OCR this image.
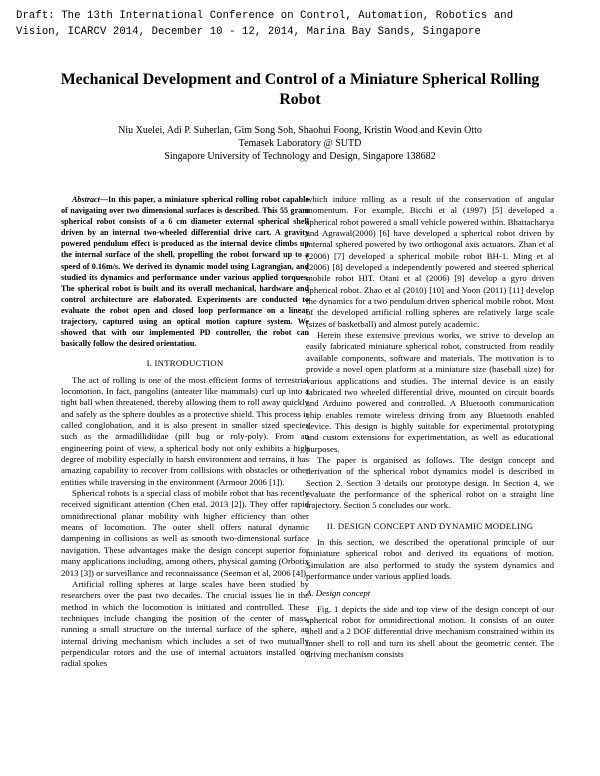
Draft: The 13th International Conference on Control, Automation, Robotics and
Vision, ICARCV 2014, December 10 - 12, 2014, Marina Bay Sands, Singapore
Mechanical Development and Control of a Miniature Spherical Rolling Robot
Niu Xuelei, Adi P. Suherlan, Gim Song Soh, Shaohui Foong, Kristin Wood and Kevin Otto
Temasek Laboratory @ SUTD
Singapore University of Technology and Design, Singapore 138682

Abstract—In this paper, a miniature spherical rolling robot capable of navigating over two dimensional surfaces is described. This 55 gram spherical robot consists of a 6 cm diameter external spherical shell driven by an internal two-wheeled differential drive cart. A gravity powered pendulum effect is produced as the internal device climbs up the internal surface of the shell, propelling the robot forward up to a speed of 0.16m/s. We derived its dynamic model using Lagrangian, and studied its dynamics and performance under various applied torques. The spherical robot is built and its overall mechanical, hardware and control architecture are elaborated. Experiments are conducted to evaluate the robot open and closed loop performance on a linear trajectory, captured using an optical motion capture system. We showed that with our implemented PD controller, the robot can basically follow the desired orientation.

I. INTRODUCTION

The act of rolling is one of the most efficient forms of terrestrial locomotion. In fact, pangolins (anteater like mammals) curl up into a tight ball when threatened, thereby allowing them to roll away quickly and safely as the sphere doubles as a protective shield. This process is called conglobation, and it is also present in smaller sized species such as the armadillidiidae (pill bug or roly-poly). From an engineering point of view, a spherical body not only exhibits a high degree of mobility especially in harsh environment and terrains, it has amazing capability to recover from collisions with obstacles or other entities while traversing in the environment (Armour 2006 [1]).

Spherical robots is a special class of mobile robot that has recently received significant attention (Chen etal. 2013 [2]). They offer rapid omnidirectional planar mobility with higher efficiency than other means of locomotion. The outer shell offers natural dynamic dampening in collisions as well as smooth two-dimensional surface navigation. These advantages make the design concept superior for many applications including, among others, physical gaming (Orbotix 2013 [3]) or surveillance and reconnaissance (Seeman et al, 2006 [4]).

Artificial rolling spheres at large scales have been studied by researchers over the past two decades. The crucial issues lie in the method in which the locomotion is initiated and controlled. These techniques include changing the position of the center of mass, running a small structure on the internal surface of the sphere, an internal driving mechanism which includes a set of two mutually perpendicular rotors and the use of internal actuators installed on radial spokes

which induce rolling as a result of the conservation of angular momentum. For example, Bicchi et al (1997) [5] developed a spherical robot powered a small vehicle powered within. Bhattacharya and Agrawal(2000) [6] have developed a spherical robot driven by internal sphered powered by two orthogonal axis actuators. Zhan et al (2006) [7] developed a spherical mobile robot BH-1. Ming et al (2006) [8] developed a independently powered and steered spherical mobile robot HIT. Otani et al (2006) [9] develop a gyro driven spherical robot. Zhao et al (2010) [10] and Yoon (2011) [11] develop the dynamics for a two pendulum driven spherical mobile robot. Most of the developed artificial rolling spheres are relatively large scale (sizes of basketball) and almost purely academic.

Herein these extensive previous works, we strive to develop an easily fabricated miniature spherical robot, constructed from readily available components, software and materials. The motivation is to provide a novel open platform at a miniature size (baseball size) for various applications and studies. The internal device is an easily fabricated two wheeled differential drive, mounted on circuit boards and Arduino powered and controlled. A Bluetooth communication chip enables remote wireless driving from any Bluetooth enabled device. This design is highly suitable for experimental prototyping and custom extensions for experimentation, as well as educational purposes.

The paper is organised as follows. The design concept and derivation of the spherical robot dynamics model is described in Section 2. Section 3 details our prototype design. In Section 4, we evaluate the performance of the spherical robot on a straight line trajectory. Section 5 concludes our work.

II. DESIGN CONCEPT AND DYNAMIC MODELING

In this section, we described the operational principle of our miniature spherical robot and derived its equations of motion. Simulation are also performed to study the system dynamics and performance under various applied loads.

A. Design concept

Fig. 1 depicts the side and top view of the design concept of our spherical robot for omnidirectional motion. It consists of an outer shell and a 2 DOF differential drive mechanism constrained within its inner shell to roll and turn its shell about the geometric center. The driving mechanism consists
